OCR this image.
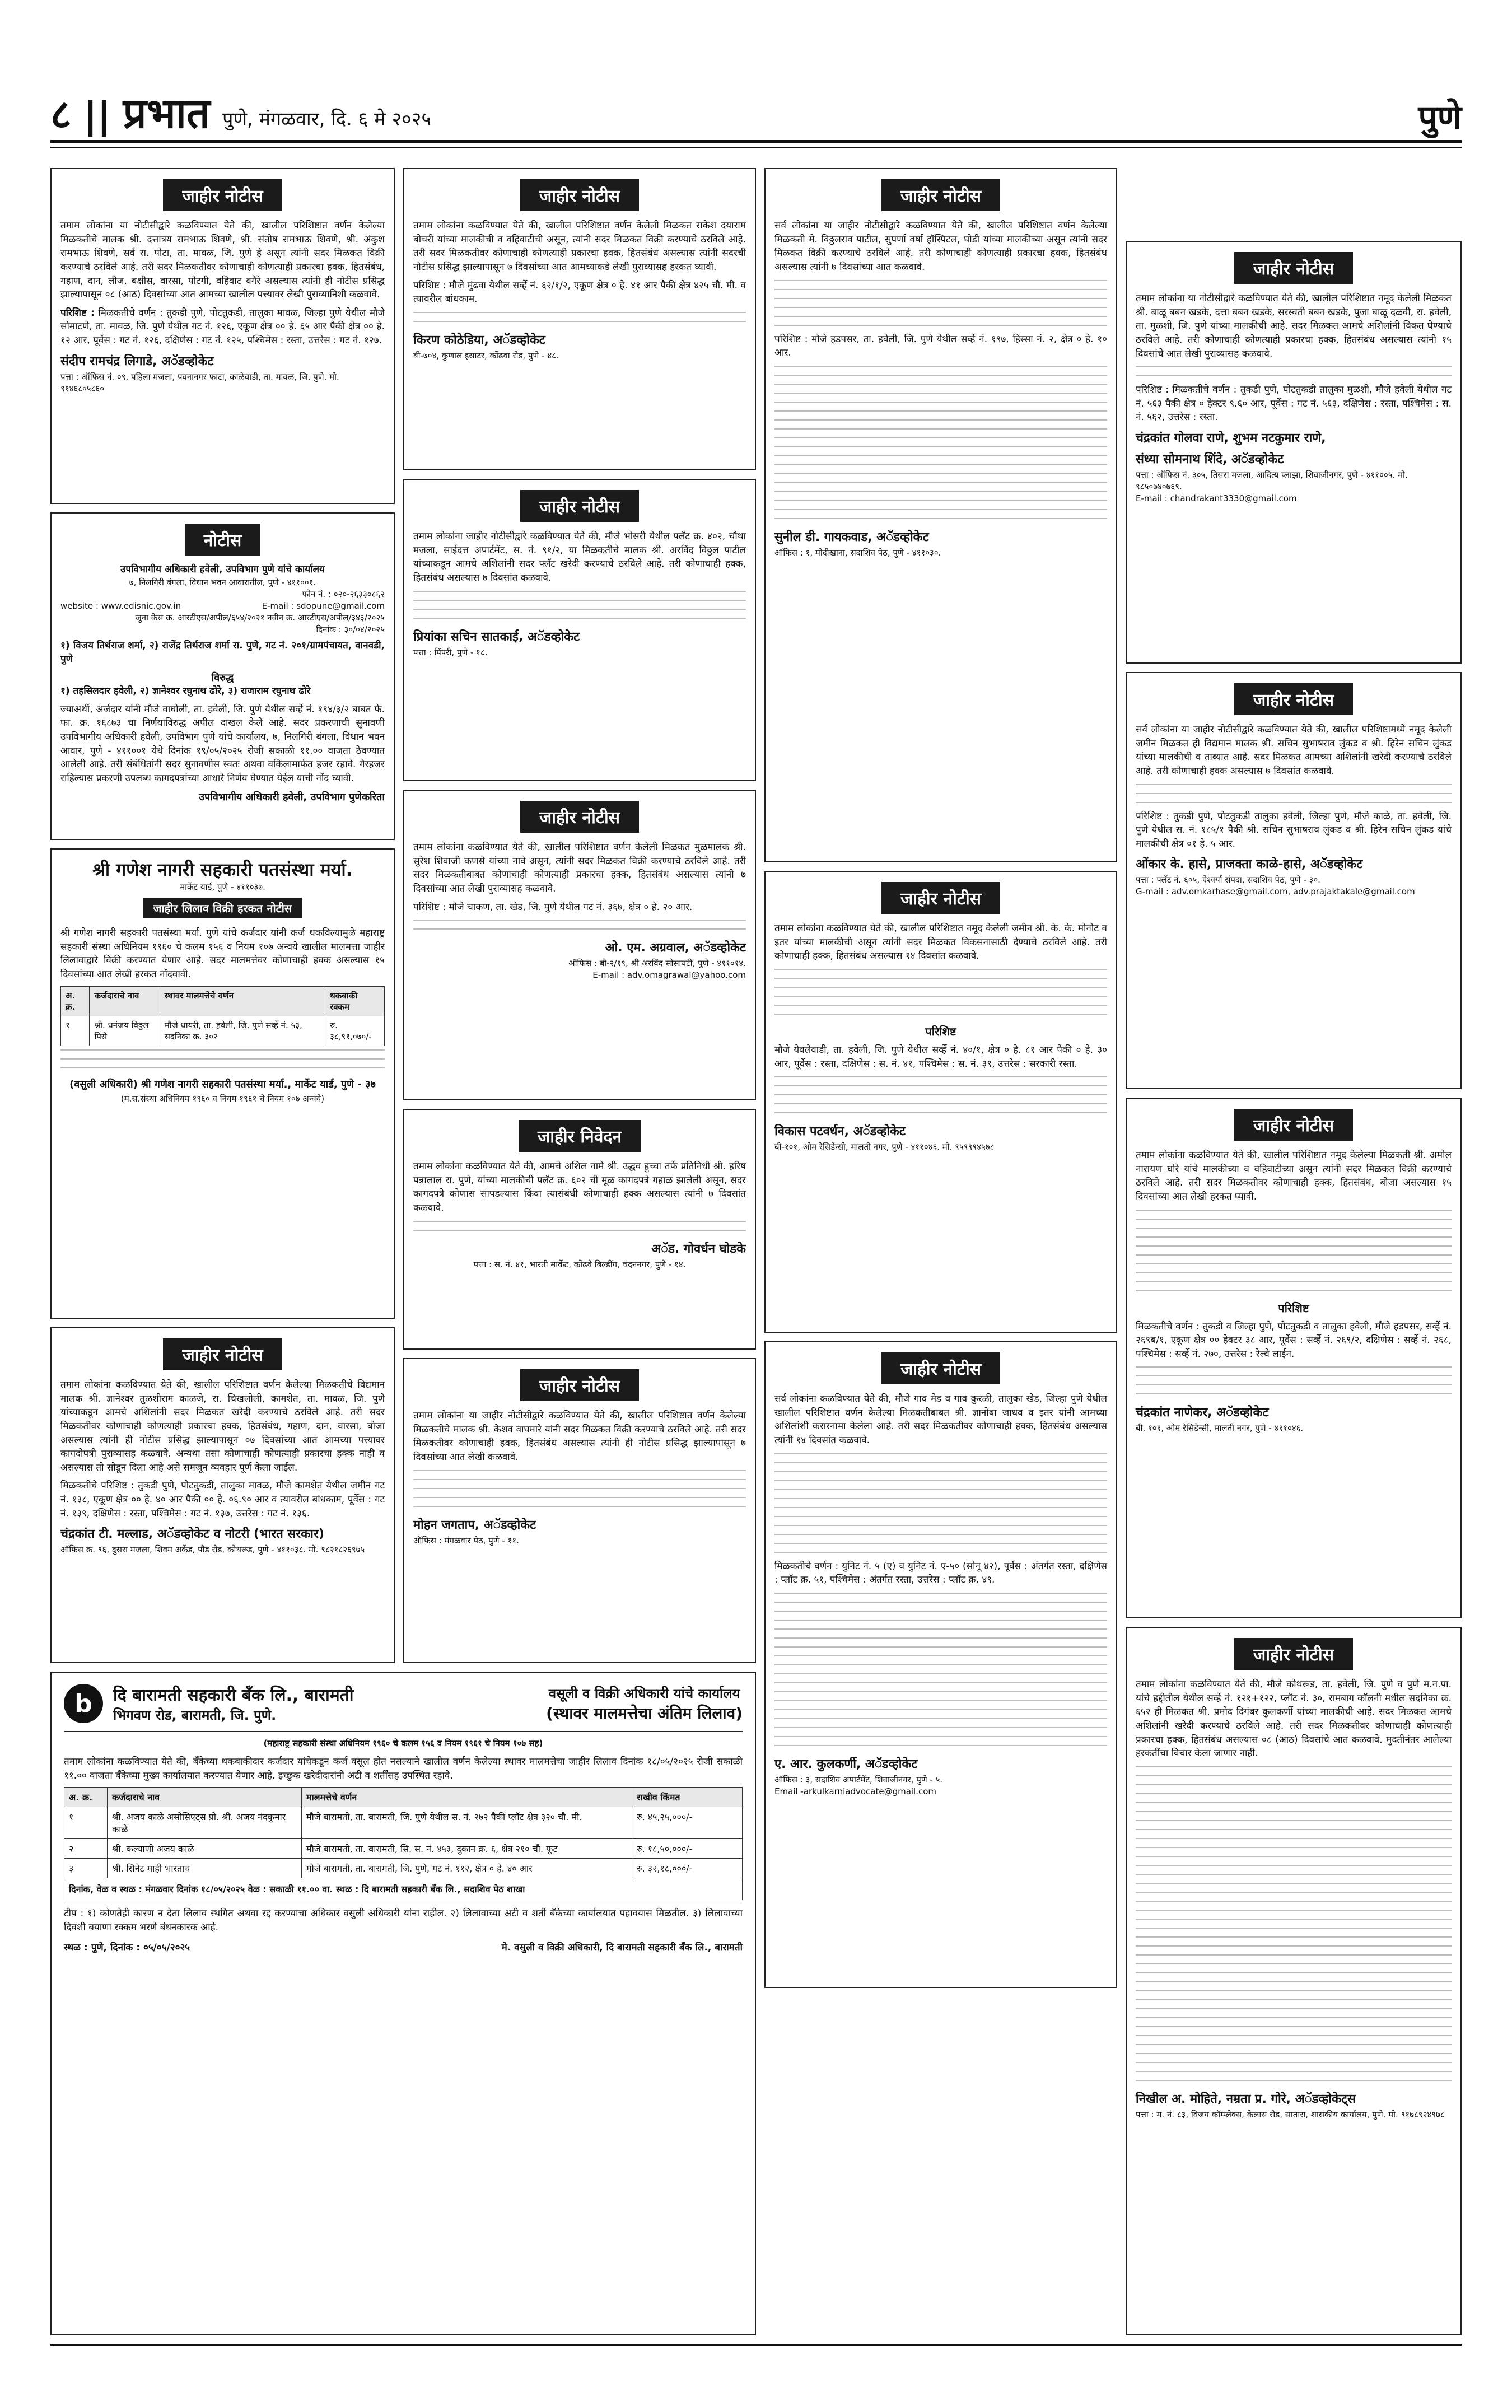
८ || प्रभात पुणे, मंगळवार, दि. ६ मे २०२५	पुणे
जाहीर नोटीस

तमाम लोकांना या नोटीसीद्वारे कळविण्यात येते की, खालील परिशिष्टात वर्णन केलेल्या मिळकतीचे मालक श्री. दत्तात्रय रामभाऊ शिवणे, श्री. संतोष रामभाऊ शिवणे, श्री. अंकुश रामभाऊ शिवणे, सर्व रा. पोटा, ता. मावळ, जि. पुणे हे असून त्यांनी सदर मिळकत विक्री करण्याचे ठरविले आहे. तरी सदर मिळकतीवर कोणाचाही कोणत्याही प्रकारचा हक्क, हितसंबंध, गहाण, दान, लीज, बक्षीस, वारसा, पोटगी, वहिवाट वगैरे असल्यास त्यांनी ही नोटीस प्रसिद्ध झाल्यापासून ०८ (आठ) दिवसांच्या आत आमच्या खालील पत्त्यावर लेखी पुराव्यानिशी कळवावे.

परिशिष्ट : मिळकतीचे वर्णन : तुकडी पुणे, पोटतुकडी, तालुका मावळ, जिल्हा पुणे येथील मौजे सोमाटणे, ता. मावळ, जि. पुणे येथील गट नं. १२६, एकूण क्षेत्र ०० हे. ६५ आर पैकी क्षेत्र ०० हे. १२ आर, पूर्वेस : गट नं. १२६, दक्षिणेस : गट नं. १२५, पश्चिमेस : रस्ता, उत्तरेस : गट नं. १२७.

संदीप रामचंद्र लिगाडे, अॅडव्होकेट
पत्ता : ऑफिस नं. ०९, पहिला मजला, पवनानगर फाटा, काळेवाडी, ता. मावळ, जि. पुणे. मो. ९१४६८०५८६०
नोटीस
उपविभागीय अधिकारी हवेली, उपविभाग पुणे यांचे कार्यालय
७, निलगिरी बंगला, विधान भवन आवारातील, पुणे - ४११००१.
फोन नं. : ०२०-२६३३०८६२
website : www.edisnic.gov.in	E-mail : sdopune@gmail.com
जुना केस क्र. आरटीएस/अपील/६५४/२०२१ नवीन क्र. आरटीएस/अपील/३४३/२०२५
दिनांक : ३०/०४/२०२५

१) विजय तिर्थराज शर्मा, २) राजेंद्र तिर्थराज शर्मा रा. पुणे, गट नं. २०१/ग्रामपंचायत, वानवडी, पुणे

विरुद्ध

१) तहसिलदार हवेली, २) ज्ञानेश्वर रघुनाथ ढोरे, ३) राजाराम रघुनाथ ढोरे

ज्याअर्थी, अर्जदार यांनी मौजे वाघोली, ता. हवेली, जि. पुणे येथील सर्व्हे नं. १९४/३/२ बाबत फे. फा. क्र. १६८७३ चा निर्णयाविरुद्ध अपील दाखल केले आहे. सदर प्रकरणाची सुनावणी उपविभागीय अधिकारी हवेली, उपविभाग पुणे यांचे कार्यालय, ७, निलगिरी बंगला, विधान भवन आवार, पुणे - ४११००१ येथे दिनांक १९/०५/२०२५ रोजी सकाळी ११.०० वाजता ठेवण्यात आलेली आहे. तरी संबंधितांनी सदर सुनावणीस स्वतः अथवा वकिलामार्फत हजर रहावे. गैरहजर राहिल्यास प्रकरणी उपलब्ध कागदपत्रांच्या आधारे निर्णय घेण्यात येईल याची नोंद घ्यावी.

उपविभागीय अधिकारी हवेली, उपविभाग पुणेकरिता
श्री गणेश नागरी सहकारी पतसंस्था मर्या.
मार्केट यार्ड, पुणे - ४११०३७.
जाहीर लिलाव विक्री हरकत नोटीस

श्री गणेश नागरी सहकारी पतसंस्था मर्या. पुणे यांचे कर्जदार यांनी कर्ज थकविल्यामुळे महाराष्ट्र सहकारी संस्था अधिनियम १९६० चे कलम १५६ व नियम १०७ अन्वये खालील मालमत्ता जाहीर लिलावाद्वारे विक्री करण्यात येणार आहे. सदर मालमत्तेवर कोणाचाही हक्क असल्यास १५ दिवसांच्या आत लेखी हरकत नोंदवावी.

अ. क्र.	कर्जदाराचे नाव	स्थावर मालमत्तेचे वर्णन	थकबाकी रक्कम
१	श्री. धनंजय विठ्ठल पिसे	मौजे धायरी, ता. हवेली, जि. पुणे सर्व्हे नं. ५३, सदनिका क्र. ३०२	रु. ३८,९१,०७०/-
(वसुली अधिकारी) श्री गणेश नागरी सहकारी पतसंस्था मर्या., मार्केट यार्ड, पुणे - ३७
(म.स.संस्था अधिनियम १९६० व नियम १९६१ चे नियम १०७ अन्वये)
जाहीर नोटीस

तमाम लोकांना कळविण्यात येते की, खालील परिशिष्टात वर्णन केलेल्या मिळकतीचे विद्यमान मालक श्री. ज्ञानेश्वर तुळशीराम काळजे, रा. चिखलोली, कामशेत, ता. मावळ, जि. पुणे यांच्याकडून आमचे अशिलांनी सदर मिळकत खरेदी करण्याचे ठरविले आहे. तरी सदर मिळकतीवर कोणाचाही कोणत्याही प्रकारचा हक्क, हितसंबंध, गहाण, दान, वारसा, बोजा असल्यास त्यांनी ही नोटीस प्रसिद्ध झाल्यापासून ०७ दिवसांच्या आत आमच्या पत्त्यावर कागदोपत्री पुराव्यासह कळवावे. अन्यथा तसा कोणाचाही कोणत्याही प्रकारचा हक्क नाही व असल्यास तो सोडून दिला आहे असे समजून व्यवहार पूर्ण केला जाईल.

मिळकतीचे परिशिष्ट : तुकडी पुणे, पोटतुकडी, तालुका मावळ, मौजे कामशेत येथील जमीन गट नं. १३८, एकूण क्षेत्र ०० हे. ४० आर पैकी ०० हे. ०६.९० आर व त्यावरील बांधकाम, पूर्वेस : गट नं. १३९, दक्षिणेस : रस्ता, पश्चिमेस : गट नं. १३७, उत्तरेस : गट नं. १३६.

चंद्रकांत टी. मल्लाड, अॅडव्होकेट व नोटरी (भारत सरकार)
ऑफिस क्र. ९६, दुसरा मजला, शिवम अर्केड, पौड रोड, कोथरूड, पुणे - ४११०३८. मो. ९८२१८२६९७५
जाहीर नोटीस

तमाम लोकांना कळविण्यात येते की, खालील परिशिष्टात वर्णन केलेली मिळकत राकेश दयाराम बोचरी यांच्या मालकीची व वहिवाटीची असून, त्यांनी सदर मिळकत विक्री करण्याचे ठरविले आहे. तरी सदर मिळकतीवर कोणाचाही कोणत्याही प्रकारचा हक्क, हितसंबंध असल्यास त्यांनी सदरची नोटीस प्रसिद्ध झाल्यापासून ७ दिवसांच्या आत आमच्याकडे लेखी पुराव्यासह हरकत घ्यावी.

परिशिष्ट : मौजे मुंढवा येथील सर्व्हे नं. ६२/१/२, एकूण क्षेत्र ० हे. ४१ आर पैकी क्षेत्र ४२५ चौ. मी. व त्यावरील बांधकाम.

किरण कोठेडिया, अॅडव्होकेट
बी-७०४, कुणाल इसाटर, कोंढवा रोड, पुणे - ४८.
जाहीर नोटीस

तमाम लोकांना जाहीर नोटीसीद्वारे कळविण्यात येते की, मौजे भोसरी येथील फ्लॅट क्र. ४०२, चौथा मजला, साईदत्त अपार्टमेंट, स. नं. ९१/२, या मिळकतीचे मालक श्री. अरविंद विठ्ठल पाटील यांच्याकडून आमचे अशिलांनी सदर फ्लॅट खरेदी करण्याचे ठरविले आहे. तरी कोणाचाही हक्क, हितसंबंध असल्यास ७ दिवसांत कळवावे.

प्रियांका सचिन सातकाई, अॅडव्होकेट
पत्ता : पिंपरी, पुणे - १८.
जाहीर नोटीस

तमाम लोकांना कळविण्यात येते की, खालील परिशिष्टात वर्णन केलेली मिळकत मुळमालक श्री. सुरेश शिवाजी कणसे यांच्या नावे असून, त्यांनी सदर मिळकत विक्री करण्याचे ठरविले आहे. तरी सदर मिळकतीबाबत कोणाचाही कोणत्याही प्रकारचा हक्क, हितसंबंध असल्यास त्यांनी ७ दिवसांच्या आत लेखी पुराव्यासह कळवावे.

परिशिष्ट : मौजे चाकण, ता. खेड, जि. पुणे येथील गट नं. ३६७, क्षेत्र ० हे. २० आर.

ओ. एम. अग्रवाल, अॅडव्होकेट
ऑफिस : बी-२/१९, श्री अरविंद सोसायटी, पुणे - ४११०१४.
E-mail : adv.omagrawal@yahoo.com
जाहीर निवेदन

तमाम लोकांना कळविण्यात येते की, आमचे अशिल नामे श्री. उद्धव हुच्चा तर्फे प्रतिनिधी श्री. हरिष पन्नालाल रा. पुणे, यांच्या मालकीची फ्लॅट क्र. ६०२ ची मूळ कागदपत्रे गहाळ झालेली असून, सदर कागदपत्रे कोणास सापडल्यास किंवा त्यासंबंधी कोणाचाही हक्क असल्यास त्यांनी ७ दिवसांत कळवावे.

अॅड. गोवर्धन घोडके
पत्ता : स. नं. ४१, भारती मार्केट, कोंढवे बिल्डींग, चंदननगर, पुणे - १४.
जाहीर नोटीस

तमाम लोकांना या जाहीर नोटीसीद्वारे कळविण्यात येते की, खालील परिशिष्टात वर्णन केलेल्या मिळकतीचे मालक श्री. केशव वाघमारे यांनी सदर मिळकत विक्री करण्याचे ठरविले आहे. तरी सदर मिळकतीवर कोणाचाही हक्क, हितसंबंध असल्यास त्यांनी ही नोटीस प्रसिद्ध झाल्यापासून ७ दिवसांच्या आत लेखी कळवावे.

मोहन जगताप, अॅडव्होकेट
ऑफिस : मंगळवार पेठ, पुणे - ११.
जाहीर नोटीस

सर्व लोकांना या जाहीर नोटीसीद्वारे कळविण्यात येते की, खालील परिशिष्टात वर्णन केलेल्या मिळकती मे. विठ्ठलराव पाटील, सुपर्णा वर्षा हॉस्पिटल, घोडी यांच्या मालकीच्या असून त्यांनी सदर मिळकत विक्री करण्याचे ठरविले आहे. तरी कोणाचाही कोणत्याही प्रकारचा हक्क, हितसंबंध असल्यास त्यांनी ७ दिवसांच्या आत कळवावे.

परिशिष्ट : मौजे हडपसर, ता. हवेली, जि. पुणे येथील सर्व्हे नं. १९७, हिस्सा नं. २, क्षेत्र ० हे. १० आर.

सुनील डी. गायकवाड, अॅडव्होकेट
ऑफिस : १, मोदीखाना, सदाशिव पेठ, पुणे - ४११०३०.
जाहीर नोटीस

तमाम लोकांना कळविण्यात येते की, खालील परिशिष्टात नमूद केलेली जमीन श्री. के. के. मोनोट व इतर यांच्या मालकीची असून त्यांनी सदर मिळकत विकसनासाठी देण्याचे ठरविले आहे. तरी कोणाचाही हक्क, हितसंबंध असल्यास १४ दिवसांत कळवावे.

परिशिष्ट

मौजे येवलेवाडी, ता. हवेली, जि. पुणे येथील सर्व्हे नं. ४०/१, क्षेत्र ० हे. ८१ आर पैकी ० हे. ३० आर, पूर्वेस : रस्ता, दक्षिणेस : स. नं. ४१, पश्चिमेस : स. नं. ३९, उत्तरेस : सरकारी रस्ता.

विकास पटवर्धन, अॅडव्होकेट
बी-१०१, ओम रेसिडेन्सी, मालती नगर, पुणे - ४११०४६. मो. ९५९९९४५७८
जाहीर नोटीस

सर्व लोकांना कळविण्यात येते की, मौजे गाव मेड व गाव कुरळी, तालुका खेड, जिल्हा पुणे येथील खालील परिशिष्टात वर्णन केलेल्या मिळकतीबाबत श्री. ज्ञानोबा जाधव व इतर यांनी आमच्या अशिलांशी करारनामा केलेला आहे. तरी सदर मिळकतीवर कोणाचाही हक्क, हितसंबंध असल्यास त्यांनी १४ दिवसांत कळवावे.

मिळकतीचे वर्णन : युनिट नं. ५ (ए) व युनिट नं. ए-५० (सोनू ४२), पूर्वेस : अंतर्गत रस्ता, दक्षिणेस : प्लॉट क्र. ५१, पश्चिमेस : अंतर्गत रस्ता, उत्तरेस : प्लॉट क्र. ४९.

ए. आर. कुलकर्णी, अॅडव्होकेट
ऑफिस : ३, सदाशिव अपार्टमेंट, शिवाजीनगर, पुणे - ५.
Email -arkulkarniadvocate@gmail.com
जाहीर नोटीस

तमाम लोकांना या नोटीसीद्वारे कळविण्यात येते की, खालील परिशिष्टात नमूद केलेली मिळकत श्री. बाळू बबन खडके, दत्ता बबन खडके, सरस्वती बबन खडके, पुजा बाळू दळवी, रा. हवेली, ता. मुळशी, जि. पुणे यांच्या मालकीची आहे. सदर मिळकत आमचे अशिलांनी विकत घेण्याचे ठरविले आहे. तरी कोणाचाही कोणत्याही प्रकारचा हक्क, हितसंबंध असल्यास त्यांनी १५ दिवसांचे आत लेखी पुराव्यासह कळवावे.

परिशिष्ट : मिळकतीचे वर्णन : तुकडी पुणे, पोटतुकडी तालुका मुळशी, मौजे हवेली येथील गट नं. ५६३ पैकी क्षेत्र ० हेक्टर ९.६० आर, पूर्वेस : गट नं. ५६३, दक्षिणेस : रस्ता, पश्चिमेस : स. नं. ५६२, उत्तरेस : रस्ता.

चंद्रकांत गोलवा राणे, शुभम नटकुमार राणे,
संध्या सोमनाथ शिंदे, अॅडव्होकेट
पत्ता : ऑफिस नं. ३०५, तिसरा मजला, आदित्य प्लाझा, शिवाजीनगर, पुणे - ४११००५. मो. ९८५०७४०७६९.
E-mail : chandrakant3330@gmail.com
जाहीर नोटीस

सर्व लोकांना या जाहीर नोटीसीद्वारे कळविण्यात येते की, खालील परिशिष्टामध्ये नमूद केलेली जमीन मिळकत ही विद्यमान मालक श्री. सचिन सुभाषराव लुंकड व श्री. हिरेन सचिन लुंकड यांच्या मालकीची व ताब्यात आहे. सदर मिळकत आमच्या अशिलांनी खरेदी करण्याचे ठरविले आहे. तरी कोणाचाही हक्क असल्यास ७ दिवसांत कळवावे.

परिशिष्ट : तुकडी पुणे, पोटतुकडी तालुका हवेली, जिल्हा पुणे, मौजे काळे, ता. हवेली, जि. पुणे येथील स. नं. १८५/१ पैकी श्री. सचिन सुभाषराव लुंकड व श्री. हिरेन सचिन लुंकड यांचे मालकीची क्षेत्र ०१ हे. ५ आर.

ओंकार के. हासे, प्राजक्ता काळे-हासे, अॅडव्होकेट
पत्ता : फ्लॅट नं. ६०५, ऐश्वर्या संपदा, सदाशिव पेठ, पुणे - ३०.
G-mail : adv.omkarhase@gmail.com, adv.prajaktakale@gmail.com
जाहीर नोटीस

तमाम लोकांना कळविण्यात येते की, खालील परिशिष्टात नमूद केलेल्या मिळकती श्री. अमोल नारायण घोरे यांचे मालकीच्या व वहिवाटीच्या असून त्यांनी सदर मिळकत विक्री करण्याचे ठरविले आहे. तरी सदर मिळकतीवर कोणाचाही हक्क, हितसंबंध, बोजा असल्यास १५ दिवसांच्या आत लेखी हरकत घ्यावी.

परिशिष्ट

मिळकतीचे वर्णन : तुकडी व जिल्हा पुणे, पोटतुकडी व तालुका हवेली, मौजे हडपसर, सर्व्हे नं. २६९ब/१, एकूण क्षेत्र ०० हेक्टर ३८ आर, पूर्वेस : सर्व्हे नं. २६९/२, दक्षिणेस : सर्व्हे नं. २६८, पश्चिमेस : सर्व्हे नं. २७०, उत्तरेस : रेल्वे लाईन.

चंद्रकांत नाणेकर, अॅडव्होकेट
बी. १०१, ओम रेसिडेन्सी, मालती नगर, पुणे - ४११०४६.
जाहीर नोटीस

तमाम लोकांना कळविण्यात येते की, मौजे कोथरूड, ता. हवेली, जि. पुणे व पुणे म.न.पा. यांचे हद्दीतील येथील सर्व्हे नं. १२१+१२२, प्लॉट नं. ३०, रामबाग कॉलनी मधील सदनिका क्र. ६५२ ही मिळकत श्री. प्रमोद दिगंबर कुलकर्णी यांच्या मालकीची आहे. सदर मिळकत आमचे अशिलांनी खरेदी करण्याचे ठरविले आहे. तरी सदर मिळकतीवर कोणाचाही कोणत्याही प्रकारचा हक्क, हितसंबंध असल्यास ०८ (आठ) दिवसांचे आत कळवावे. मुदतीनंतर आलेल्या हरकतींचा विचार केला जाणार नाही.

निखील अ. मोहिते, नम्रता प्र. गोरे, अॅडव्होकेट्स
पत्ता : म. नं. ८३, विजय कॉम्प्लेक्स, केलास रोड, सातारा, शासकीय कार्यालय, पुणे. मो. ९१७८९२४९७८
b	दि बारामती सहकारी बँक लि., बारामती
भिगवण रोड, बारामती, जि. पुणे.
वसूली व विक्री अधिकारी यांचे कार्यालय
(स्थावर मालमत्तेचा अंतिम लिलाव)
(महाराष्ट्र सहकारी संस्था अधिनियम १९६० चे कलम १५६ व नियम १९६१ चे नियम १०७ सह)

तमाम लोकांना कळविण्यात येते की, बँकेच्या थकबाकीदार कर्जदार यांचेकडून कर्ज वसूल होत नसल्याने खालील वर्णन केलेल्या स्थावर मालमत्तेचा जाहीर लिलाव दिनांक १८/०५/२०२५ रोजी सकाळी ११.०० वाजता बँकेच्या मुख्य कार्यालयात करण्यात येणार आहे. इच्छुक खरेदीदारांनी अटी व शर्तींसह उपस्थित रहावे.

अ. क्र.	कर्जदाराचे नाव	मालमत्तेचे वर्णन	राखीव किंमत
१	श्री. अजय काळे असोसिएट्स प्रो. श्री. अजय नंदकुमार काळे	मौजे बारामती, ता. बारामती, जि. पुणे येथील स. नं. २७२ पैकी प्लॉट क्षेत्र ३२० चौ. मी.	रु. ४५,२५,०००/-
२	श्री. कल्याणी अजय काळे	मौजे बारामती, ता. बारामती, सि. स. नं. ४५३, दुकान क्र. ६, क्षेत्र २१० चौ. फूट	रु. १८,५०,०००/-
३	श्री. सिनेट माही भारताच	मौजे बारामती, ता. बारामती, जि. पुणे, गट नं. ११२, क्षेत्र ० हे. ४० आर	रु. ३२,१८,०००/-
दिनांक, वेळ व स्थळ : मंगळवार दिनांक १८/०५/२०२५ वेळ : सकाळी ११.०० वा. स्थळ : दि बारामती सहकारी बँक लि., सदाशिव पेठ शाखा

टीप : १) कोणतेही कारण न देता लिलाव स्थगित अथवा रद्द करण्याचा अधिकार वसुली अधिकारी यांना राहील. २) लिलावाच्या अटी व शर्ती बँकेच्या कार्यालयात पहावयास मिळतील. ३) लिलावाच्या दिवशी बयाणा रक्कम भरणे बंधनकारक आहे.

स्थळ : पुणे, दिनांक : ०५/०५/२०२५	मे. वसुली व विक्री अधिकारी, दि बारामती सहकारी बँक लि., बारामती
